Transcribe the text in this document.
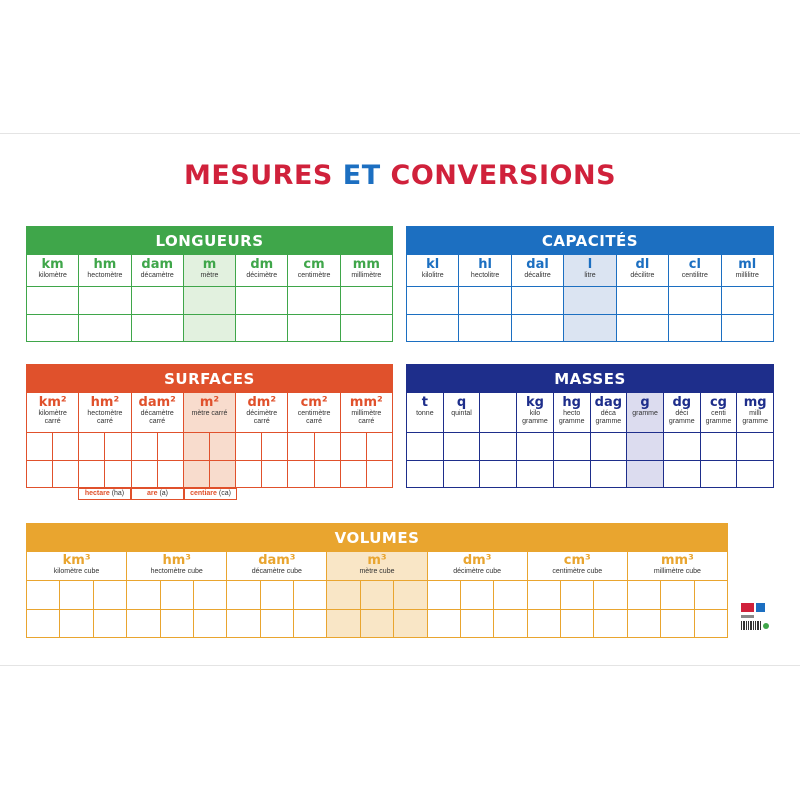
MESURES ET CONVERSIONS
LONGUEURS
km
kilomètre
hm
hectomètre
dam
décamètre
m
mètre
dm
décimètre
cm
centimètre
mm
millimètre
CAPACITÉS
kl
kilolitre
hl
hectolitre
dal
décalitre
l
litre
dl
décilitre
cl
centilitre
ml
millilitre
SURFACES
km²
kilomètre carré
hm²
hectomètre carré
dam²
décamètre carré
m²
mètre carré
dm²
décimètre carré
cm²
centimètre carré
mm²
millimètre carré
MASSES
t
tonne
q
quintal
kg
kilo gramme
hg
hecto gramme
dag
déca gramme
g
gramme
dg
déci gramme
cg
centi gramme
mg
milli gramme
VOLUMES
km³
kilomètre cube
hm³
hectomètre cube
dam³
décamètre cube
m³
mètre cube
dm³
décimètre cube
cm³
centimètre cube
mm³
millimètre cube
hectare (ha)	are (a)	centiare (ca)
